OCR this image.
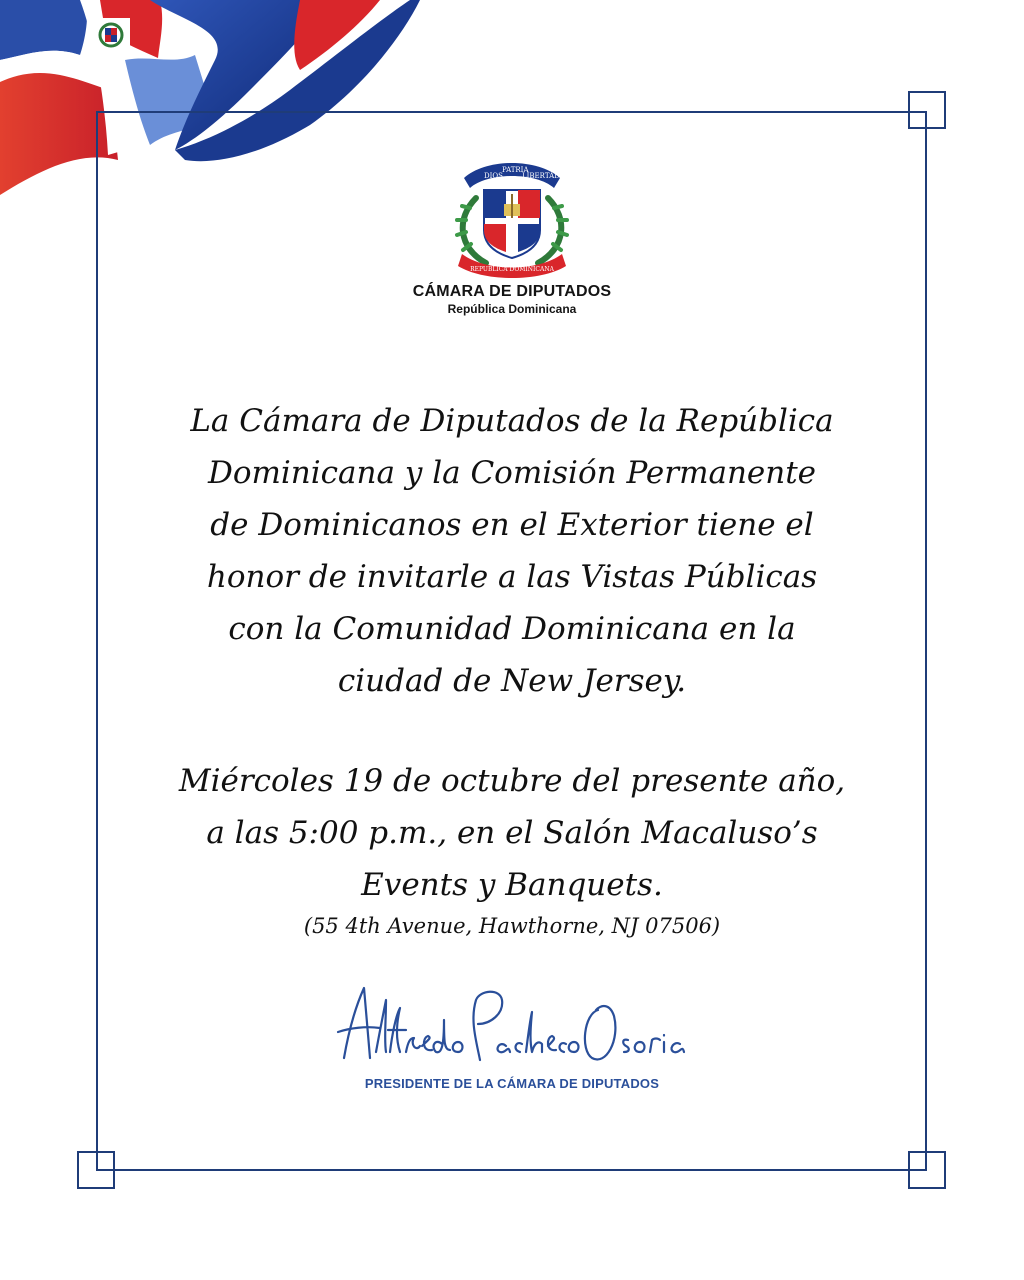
DIOS
PATRIA
LIBERTAD
REPUBLICA DOMINICANA
CÁMARA DE DIPUTADOS
República Dominicana
La Cámara de Diputados de la República
Dominicana y la Comisión Permanente
de Dominicanos en el Exterior tiene el
honor de invitarle a las Vistas Públicas
con la Comunidad Dominicana en la
ciudad de New Jersey.
Miércoles 19 de octubre del presente año,
a las 5:00 p.m., en el Salón Macaluso’s
Events y Banquets.
(55 4th Avenue, Hawthorne, NJ 07506)
PRESIDENTE DE LA CÁMARA DE DIPUTADOS
